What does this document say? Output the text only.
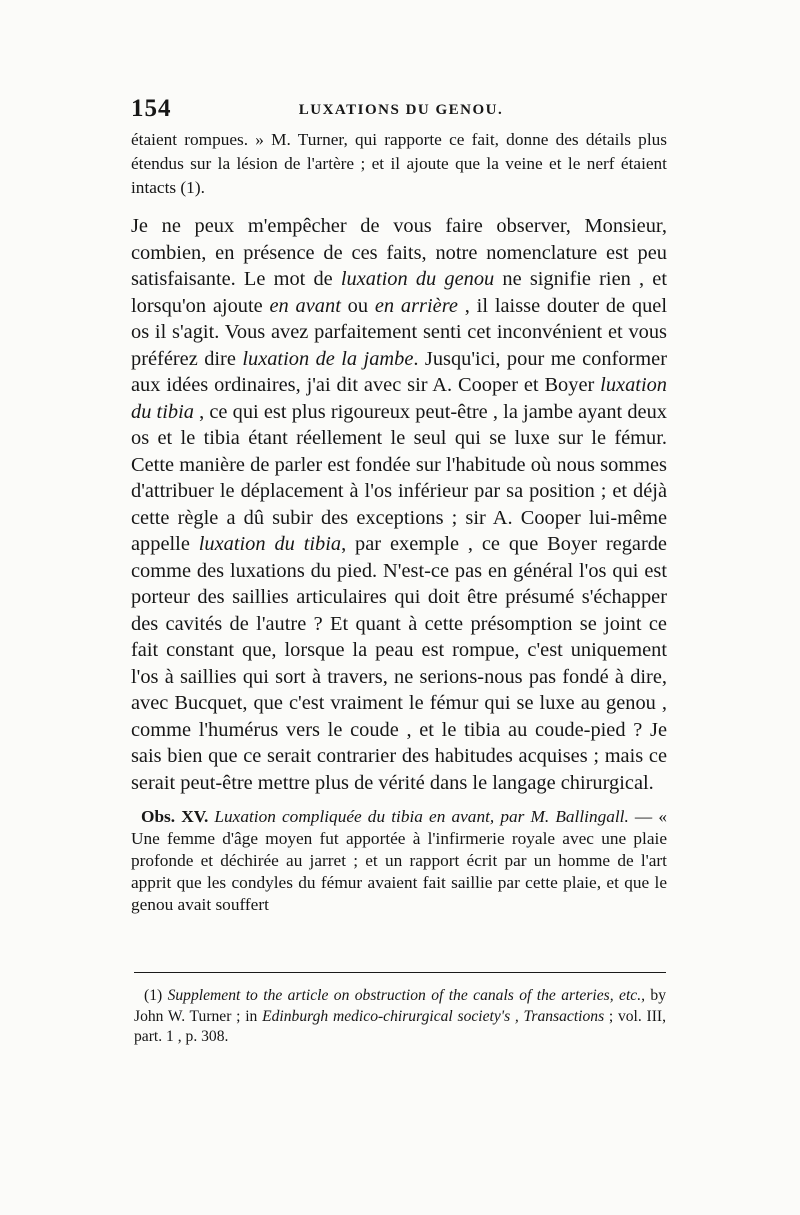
154	LUXATIONS DU GENOU.

étaient rompues. » M. Turner, qui rapporte ce fait, donne des détails plus étendus sur la lésion de l'artère ; et il ajoute que la veine et le nerf étaient intacts (1).

Je ne peux m'empêcher de vous faire observer, Monsieur, combien, en présence de ces faits, notre nomenclature est peu satisfaisante. Le mot de luxation du genou ne signifie rien , et lorsqu'on ajoute en avant ou en arrière , il laisse douter de quel os il s'agit. Vous avez parfaitement senti cet inconvénient et vous préférez dire luxation de la jambe. Jusqu'ici, pour me conformer aux idées ordinaires, j'ai dit avec sir A. Cooper et Boyer luxation du tibia , ce qui est plus rigoureux peut-être , la jambe ayant deux os et le tibia étant réellement le seul qui se luxe sur le fémur. Cette manière de parler est fondée sur l'habitude où nous sommes d'attribuer le déplacement à l'os inférieur par sa position ; et déjà cette règle a dû subir des exceptions ; sir A. Cooper lui-même appelle luxation du tibia, par exemple , ce que Boyer regarde comme des luxations du pied. N'est-ce pas en général l'os qui est porteur des saillies articulaires qui doit être présumé s'échapper des cavités de l'autre ? Et quant à cette présomption se joint ce fait constant que, lorsque la peau est rompue, c'est uniquement l'os à saillies qui sort à travers, ne serions-nous pas fondé à dire, avec Bucquet, que c'est vraiment le fémur qui se luxe au genou , comme l'humérus vers le coude , et le tibia au coude-pied ? Je sais bien que ce serait contrarier des habitudes acquises ; mais ce serait peut-être mettre plus de vérité dans le langage chirurgical.

Obs. XV. Luxation compliquée du tibia en avant, par M. Ballingall. — « Une femme d'âge moyen fut apportée à l'infirmerie royale avec une plaie profonde et déchirée au jarret ; et un rapport écrit par un homme de l'art apprit que les condyles du fémur avaient fait saillie par cette plaie, et que le genou avait souffert

(1) Supplement to the article on obstruction of the canals of the arteries, etc., by John W. Turner ; in Edinburgh medico-chirurgical society's , Transactions ; vol. III, part. 1 , p. 308.
